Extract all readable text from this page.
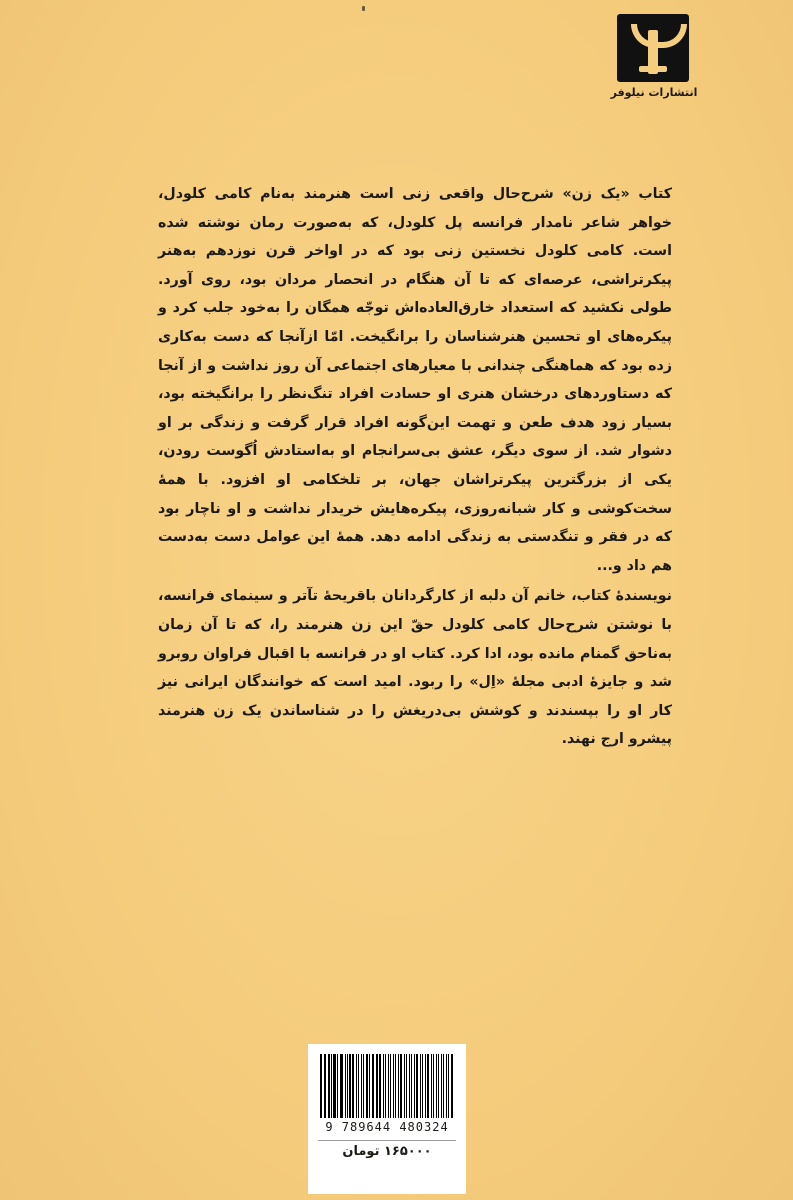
انتشارات نیلوفر

کتاب «یک زن» شرح‌حال واقعی زنی است هنرمند به‌نام کامی کلودل، خواهر شاعر نامدار فرانسه پل کلودل، که به‌صورت رمان نوشته شده است. کامی کلودل نخستین زنی بود که در اواخر قرن نوزدهم به‌هنر پیکرتراشی، عرصه‌ای که تا آن هنگام در انحصار مردان بود، روی آورد. طولی نکشید که استعداد خارق‌العاده‌اش توجّه همگان را به‌خود جلب کرد و پیکره‌های او تحسین هنرشناسان را برانگیخت. امّا ازآنجا که دست به‌کاری زده بود که هماهنگی چندانی با معیارهای اجتماعی آن روز نداشت و از آنجا که دستاوردهای درخشان هنری او حسادت افراد تنگ‌نظر را برانگیخته بود، بسیار زود هدف طعن و تهمت این‌گونه افراد قرار گرفت و زندگی بر او دشوار شد. از سوی دیگر، عشق بی‌سرانجام او به‌استادش اُگوست رودن، یکی از بزرگترین پیکرتراشان جهان، بر تلخکامی او افزود. با همهٔ سخت‌کوشی و کار شبانه‌روزی، پیکره‌هایش خریدار نداشت و او ناچار بود که در فقر و تنگدستی به زندگی ادامه دهد. همهٔ این عوامل دست به‌دست هم داد و...

نویسندهٔ کتاب، خانم آن دلبه از کارگردانان باقریحهٔ تآتر و سینمای فرانسه، با نوشتن شرح‌حال کامی کلودل حقّ این زن هنرمند را، که تا آن زمان به‌ناحق گمنام مانده بود، ادا کرد. کتاب او در فرانسه با اقبال فراوان روبرو شد و جایزهٔ ادبی مجلهٔ «اِل» را ربود. امید است که خوانندگان ایرانی نیز کار او را بپسندند و کوشش بی‌دریغش را در شناساندن یک زن هنرمند پیشرو ارج نهند.

9 789644 480324
۱۶۵۰۰۰ تومان
